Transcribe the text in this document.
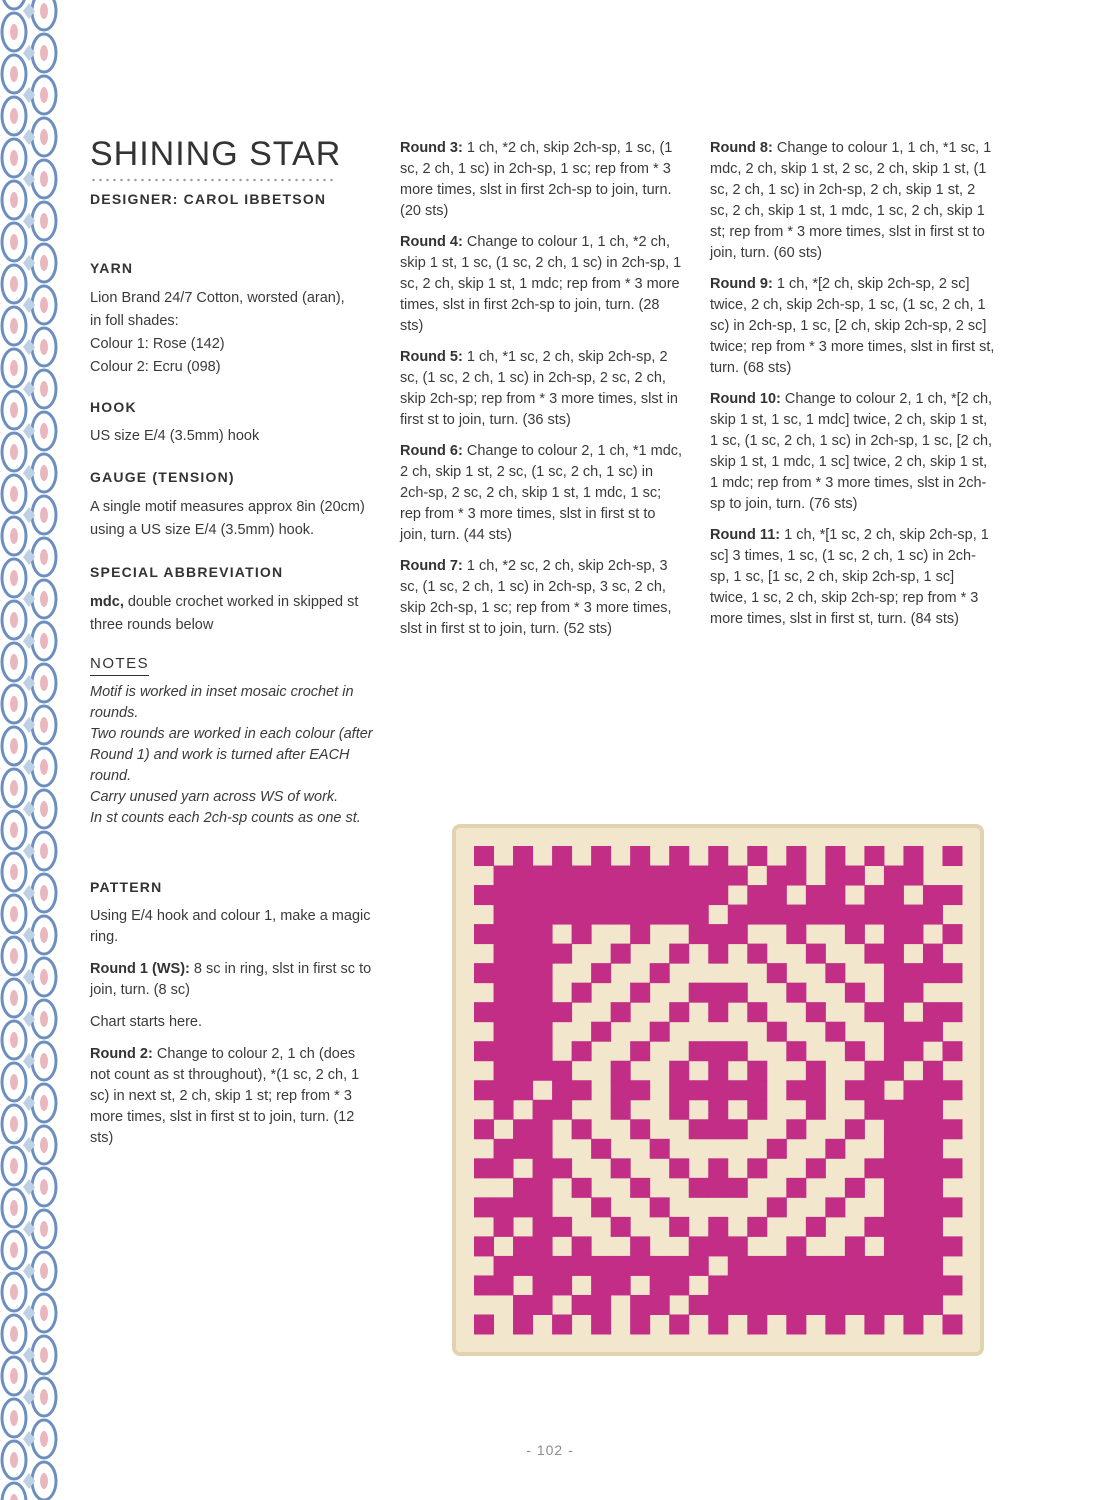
SHINING STAR
DESIGNER: CAROL IBBETSON
YARN
Lion Brand 24/7 Cotton, worsted (aran),
in foll shades:
Colour 1: Rose (142)
Colour 2: Ecru (098)
HOOK
US size E/4 (3.5mm) hook
GAUGE (TENSION)
A single motif measures approx 8in (20cm) using a US size E/4 (3.5mm) hook.
SPECIAL ABBREVIATION
mdc, double crochet worked in skipped st three rounds below
NOTES
Motif is worked in inset mosaic crochet in rounds.
Two rounds are worked in each colour (after Round 1) and work is turned after EACH round.
Carry unused yarn across WS of work.
In st counts each 2ch-sp counts as one st.
PATTERN

Using E/4 hook and colour 1, make a magic ring.

Round 1 (WS): 8 sc in ring, slst in first sc to join, turn. (8 sc)

Chart starts here.

Round 2: Change to colour 2, 1 ch (does not count as st throughout), *(1 sc, 2 ch, 1 sc) in next st, 2 ch, skip 1 st; rep from * 3 more times, slst in first st to join, turn. (12 sts)

Round 3: 1 ch, *2 ch, skip 2ch-sp, 1 sc, (1 sc, 2 ch, 1 sc) in 2ch-sp, 1 sc; rep from * 3 more times, slst in first 2ch-sp to join, turn. (20 sts)

Round 4: Change to colour 1, 1 ch, *2 ch, skip 1 st, 1 sc, (1 sc, 2 ch, 1 sc) in 2ch-sp, 1 sc, 2 ch, skip 1 st, 1 mdc; rep from * 3 more times, slst in first 2ch-sp to join, turn. (28 sts)

Round 5: 1 ch, *1 sc, 2 ch, skip 2ch-sp, 2 sc, (1 sc, 2 ch, 1 sc) in 2ch-sp, 2 sc, 2 ch, skip 2ch-sp; rep from * 3 more times, slst in first st to join, turn. (36 sts)

Round 6: Change to colour 2, 1 ch, *1 mdc, 2 ch, skip 1 st, 2 sc, (1 sc, 2 ch, 1 sc) in 2ch-sp, 2 sc, 2 ch, skip 1 st, 1 mdc, 1 sc; rep from * 3 more times, slst in first st to join, turn. (44 sts)

Round 7: 1 ch, *2 sc, 2 ch, skip 2ch-sp, 3 sc, (1 sc, 2 ch, 1 sc) in 2ch-sp, 3 sc, 2 ch, skip 2ch-sp, 1 sc; rep from * 3 more times, slst in first st to join, turn. (52 sts)

Round 8: Change to colour 1, 1 ch, *1 sc, 1 mdc, 2 ch, skip 1 st, 2 sc, 2 ch, skip 1 st, (1 sc, 2 ch, 1 sc) in 2ch-sp, 2 ch, skip 1 st, 2 sc, 2 ch, skip 1 st, 1 mdc, 1 sc, 2 ch, skip 1 st; rep from * 3 more times, slst in first st to join, turn. (60 sts)

Round 9: 1 ch, *[2 ch, skip 2ch-sp, 2 sc] twice, 2 ch, skip 2ch-sp, 1 sc, (1 sc, 2 ch, 1 sc) in 2ch-sp, 1 sc, [2 ch, skip 2ch-sp, 2 sc] twice; rep from * 3 more times, slst in first st, turn. (68 sts)

Round 10: Change to colour 2, 1 ch, *[2 ch, skip 1 st, 1 sc, 1 mdc] twice, 2 ch, skip 1 st, 1 sc, (1 sc, 2 ch, 1 sc) in 2ch-sp, 1 sc, [2 ch, skip 1 st, 1 mdc, 1 sc] twice, 2 ch, skip 1 st, 1 mdc; rep from * 3 more times, slst in 2ch-sp to join, turn. (76 sts)

Round 11: 1 ch, *[1 sc, 2 ch, skip 2ch-sp, 1 sc] 3 times, 1 sc, (1 sc, 2 ch, 1 sc) in 2ch-sp, 1 sc, [1 sc, 2 ch, skip 2ch-sp, 1 sc] twice, 1 sc, 2 ch, skip 2ch-sp; rep from * 3 more times, slst in first st, turn. (84 sts)

- 102 -
